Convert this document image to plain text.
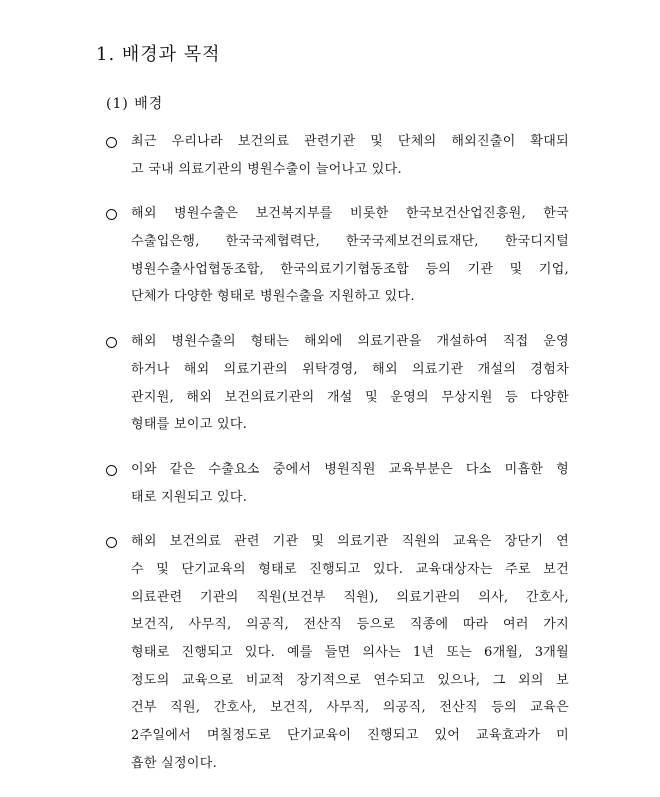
1. 배경과 목적
(1) 배경
최근 우리나라 보건의료 관련기관 및 단체의 해외진출이 확대되
고 국내 의료기관의 병원수출이 늘어나고 있다.
해외 병원수출은 보건복지부를 비롯한 한국보건산업진흥원, 한국
수출입은행, 한국국제협력단, 한국국제보건의료재단, 한국디지털
병원수출사업협동조합, 한국의료기기협동조합 등의 기관 및 기업,
단체가 다양한 형태로 병원수출을 지원하고 있다.
해외 병원수출의 형태는 해외에 의료기관을 개설하여 직접 운영
하거나 해외 의료기관의 위탁경영, 해외 의료기관 개설의 경험차
관지원, 해외 보건의료기관의 개설 및 운영의 무상지원 등 다양한
형태를 보이고 있다.
이와 같은 수출요소 중에서 병원직원 교육부분은 다소 미흡한 형
태로 지원되고 있다.
해외 보건의료 관련 기관 및 의료기관 직원의 교육은 장단기 연
수 및 단기교육의 형태로 진행되고 있다. 교육대상자는 주로 보건
의료관련 기관의 직원(보건부 직원), 의료기관의 의사, 간호사,
보건직, 사무직, 의공직, 전산직 등으로 직종에 따라 여러 가지
형태로 진행되고 있다. 예를 들면 의사는 1년 또는 6개월, 3개월
정도의 교육으로 비교적 장기적으로 연수되고 있으나, 그 외의 보
건부 직원, 간호사, 보건직, 사무직, 의공직, 전산직 등의 교육은
2주일에서 며칠정도로 단기교육이 진행되고 있어 교육효과가 미
흡한 실정이다.
